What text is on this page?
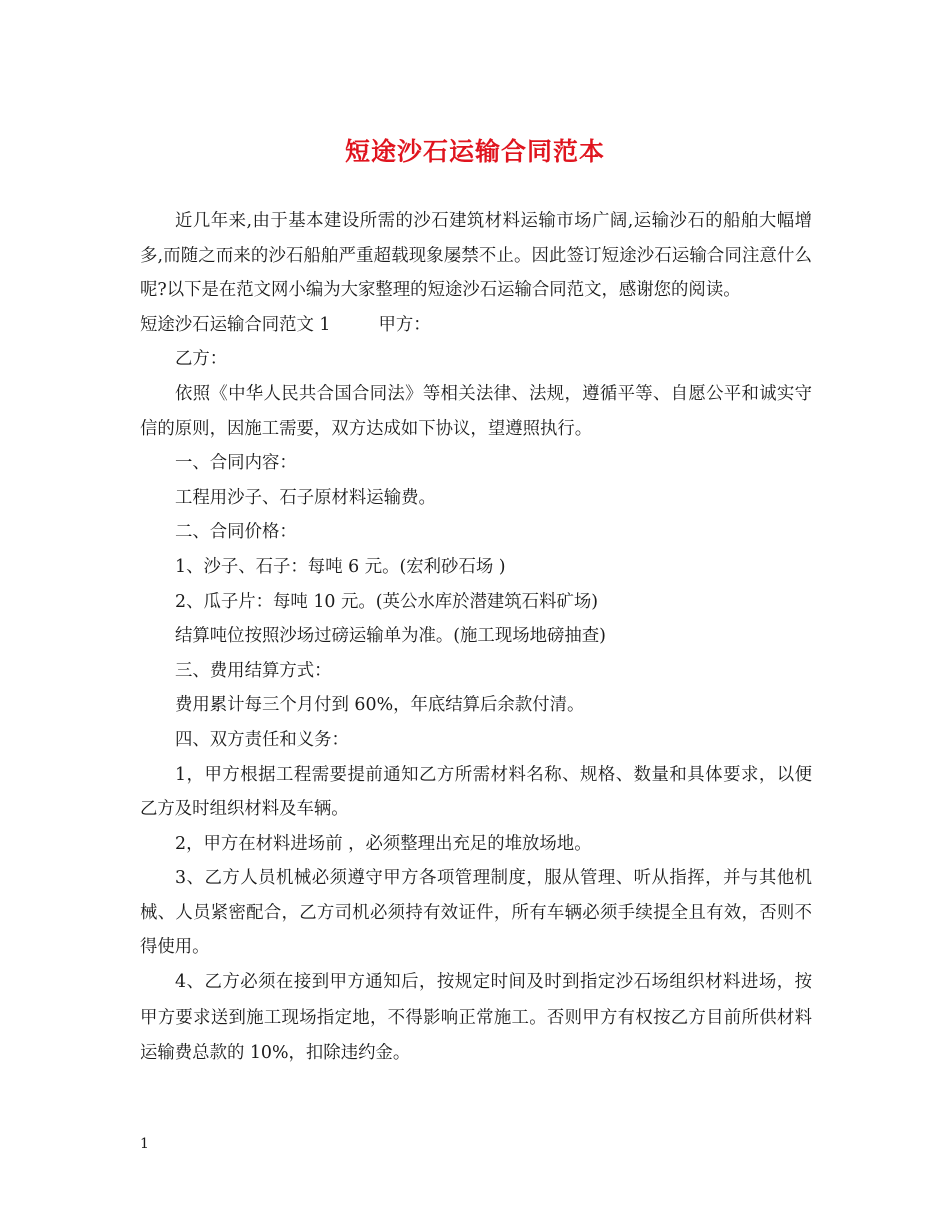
短途沙石运输合同范本

近几年来,由于基本建设所需的沙石建筑材料运输市场广阔,运输沙石的船舶大幅增多,而随之而来的沙石船舶严重超载现象屡禁不止。因此签订短途沙石运输合同注意什么呢?以下是在范文网小编为大家整理的短途沙石运输合同范文，感谢您的阅读。

短途沙石运输合同范文 1	甲方：

乙方：

依照《中华人民共合国合同法》等相关法律、法规，遵循平等、自愿公平和诚实守信的原则，因施工需要，双方达成如下协议，望遵照执行。

一、合同内容：

工程用沙子、石子原材料运输费。

二、合同价格：

1、沙子、石子：每吨 6 元。(宏利砂石场 )

2、瓜子片：每吨 10 元。(英公水库於潜建筑石料矿场)

结算吨位按照沙场过磅运输单为准。(施工现场地磅抽查)

三、费用结算方式：

费用累计每三个月付到 60%，年底结算后余款付清。

四、双方责任和义务：

1，甲方根据工程需要提前通知乙方所需材料名称、规格、数量和具体要求，以便乙方及时组织材料及车辆。

2，甲方在材料进场前 ，必须整理出充足的堆放场地。

3、乙方人员机械必须遵守甲方各项管理制度，服从管理、听从指挥，并与其他机械、人员紧密配合，乙方司机必须持有效证件，所有车辆必须手续提全且有效，否则不得使用。

4、乙方必须在接到甲方通知后，按规定时间及时到指定沙石场组织材料进场，按甲方要求送到施工现场指定地，不得影响正常施工。否则甲方有权按乙方目前所供材料运输费总款的 10%，扣除违约金。

1
